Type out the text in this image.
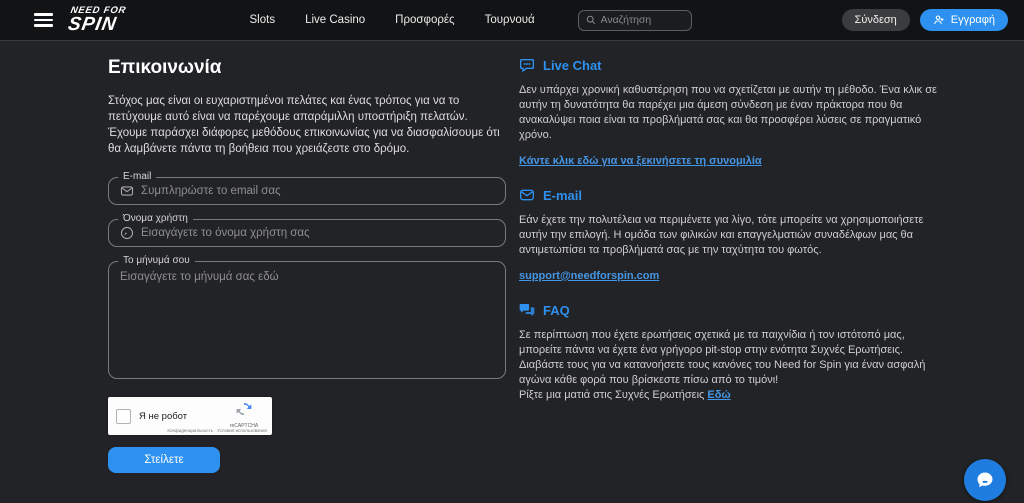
NEED FOR
SPIN	Slots	Live Casino	Προσφορές	Τουρνουά
Αναζήτηση	Σύνδεση	Εγγραφή
Επικοινωνία
Στόχος μας είναι οι ευχαριστημένοι πελάτες και ένας τρόπος για να το πετύχουμε αυτό είναι να παρέχουμε απαράμιλλη υποστήριξη πελατών. Έχουμε παράσχει διάφορες μεθόδους επικοινωνίας για να διασφαλίσουμε ότι θα λαμβάνετε πάντα τη βοήθεια που χρειάζεστε στο δρόμο.
E-mail
Συμπληρώστε το email σας
Όνομα χρήστη
Εισαγάγετε το όνομα χρήστη σας
Το μήνυμά σου
Εισαγάγετε το μήνυμά σας εδώ
Я не робот
reCAPTCHA
Конфиденциальность · Условия использования
Στείλετε
Live Chat
Δεν υπάρχει χρονική καθυστέρηση που να σχετίζεται με αυτήν τη μέθοδο. Ένα κλικ σε αυτήν τη δυνατότητα θα παρέχει μια άμεση σύνδεση με έναν πράκτορα που θα ανακαλύψει ποια είναι τα προβλήματά σας και θα προσφέρει λύσεις σε πραγματικό χρόνο.
Κάντε κλικ εδώ για να ξεκινήσετε τη συνομιλία
E-mail
Εάν έχετε την πολυτέλεια να περιμένετε για λίγο, τότε μπορείτε να χρησιμοποιήσετε αυτήν την επιλογή. Η ομάδα των φιλικών και επαγγελματιών συναδέλφων μας θα αντιμετωπίσει τα προβλήματά σας με την ταχύτητα του φωτός.
support@needforspin.com
FAQ
Σε περίπτωση που έχετε ερωτήσεις σχετικά με τα παιχνίδια ή τον ιστότοπό μας, μπορείτε πάντα να έχετε ένα γρήγορο pit-stop στην ενότητα Συχνές Ερωτήσεις. Διαβάστε τους για να κατανοήσετε τους κανόνες του Need for Spin για έναν ασφαλή αγώνα κάθε φορά που βρίσκεστε πίσω από το τιμόνι!
Ρίξτε μια ματιά στις Συχνές Ερωτήσεις Εδώ
